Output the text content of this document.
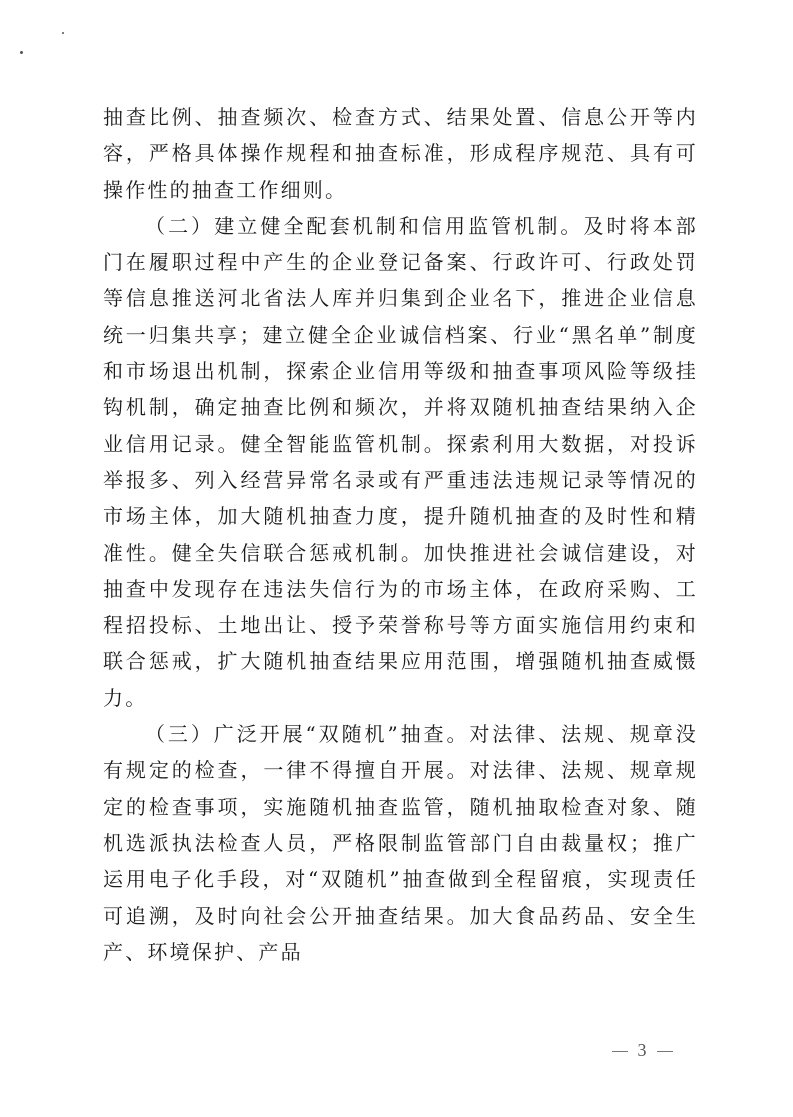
抽查比例、抽查频次、检查方式、结果处置、信息公开等内容，严格具体操作规程和抽查标准，形成程序规范、具有可操作性的抽查工作细则。

（二）建立健全配套机制和信用监管机制。及时将本部门在履职过程中产生的企业登记备案、行政许可、行政处罚等信息推送河北省法人库并归集到企业名下，推进企业信息统一归集共享；建立健全企业诚信档案、行业“黑名单”制度和市场退出机制，探索企业信用等级和抽查事项风险等级挂钩机制，确定抽查比例和频次，并将双随机抽查结果纳入企业信用记录。健全智能监管机制。探索利用大数据，对投诉举报多、列入经营异常名录或有严重违法违规记录等情况的市场主体，加大随机抽查力度，提升随机抽查的及时性和精准性。健全失信联合惩戒机制。加快推进社会诚信建设，对抽查中发现存在违法失信行为的市场主体，在政府采购、工程招投标、土地出让、授予荣誉称号等方面实施信用约束和联合惩戒，扩大随机抽查结果应用范围，增强随机抽查威慑力。

（三）广泛开展“双随机”抽查。对法律、法规、规章没有规定的检查，一律不得擅自开展。对法律、法规、规章规定的检查事项，实施随机抽查监管，随机抽取检查对象、随机选派执法检查人员，严格限制监管部门自由裁量权；推广运用电子化手段，对“双随机”抽查做到全程留痕，实现责任可追溯，及时向社会公开抽查结果。加大食品药品、安全生产、环境保护、产品

3
